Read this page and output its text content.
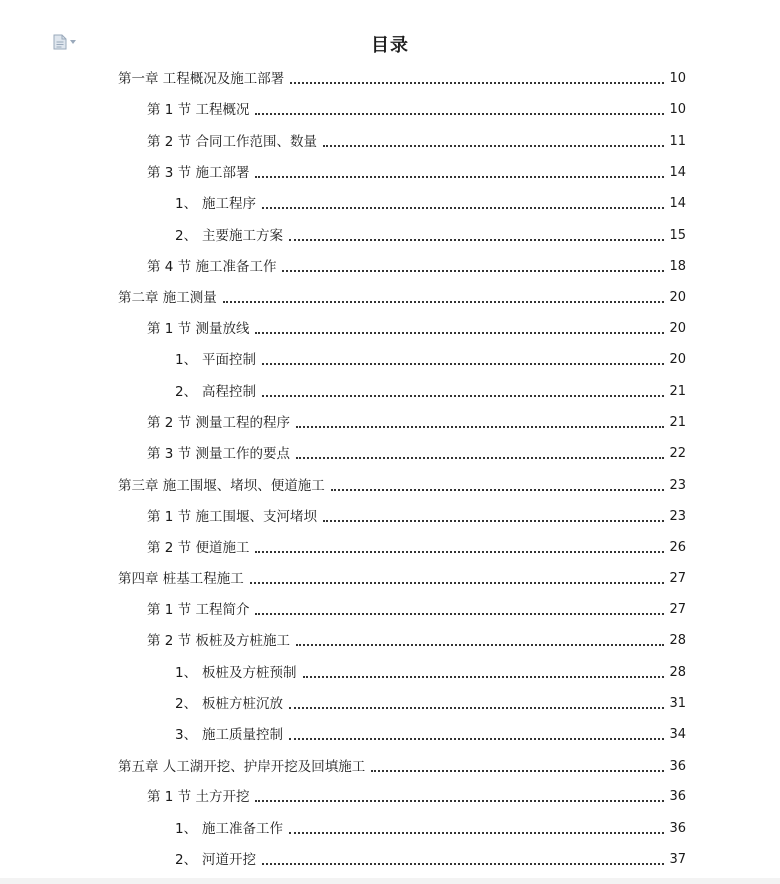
目录
第一章 工程概况及施工部署	10
第 1 节 工程概况	10
第 2 节 合同工作范围、数量	11
第 3 节 施工部署	14
1、 施工程序	14
2、 主要施工方案	15
第 4 节 施工准备工作	18
第二章 施工测量	20
第 1 节 测量放线	20
1、 平面控制	20
2、 高程控制	21
第 2 节 测量工程的程序	21
第 3 节 测量工作的要点	22
第三章 施工围堰、堵坝、便道施工	23
第 1 节 施工围堰、支河堵坝	23
第 2 节 便道施工	26
第四章 桩基工程施工	27
第 1 节 工程简介	27
第 2 节 板桩及方桩施工	28
1、 板桩及方桩预制	28
2、 板桩方桩沉放	31
3、 施工质量控制	34
第五章 人工湖开挖、护岸开挖及回填施工	36
第 1 节 土方开挖	36
1、 施工准备工作	36
2、 河道开挖	37
